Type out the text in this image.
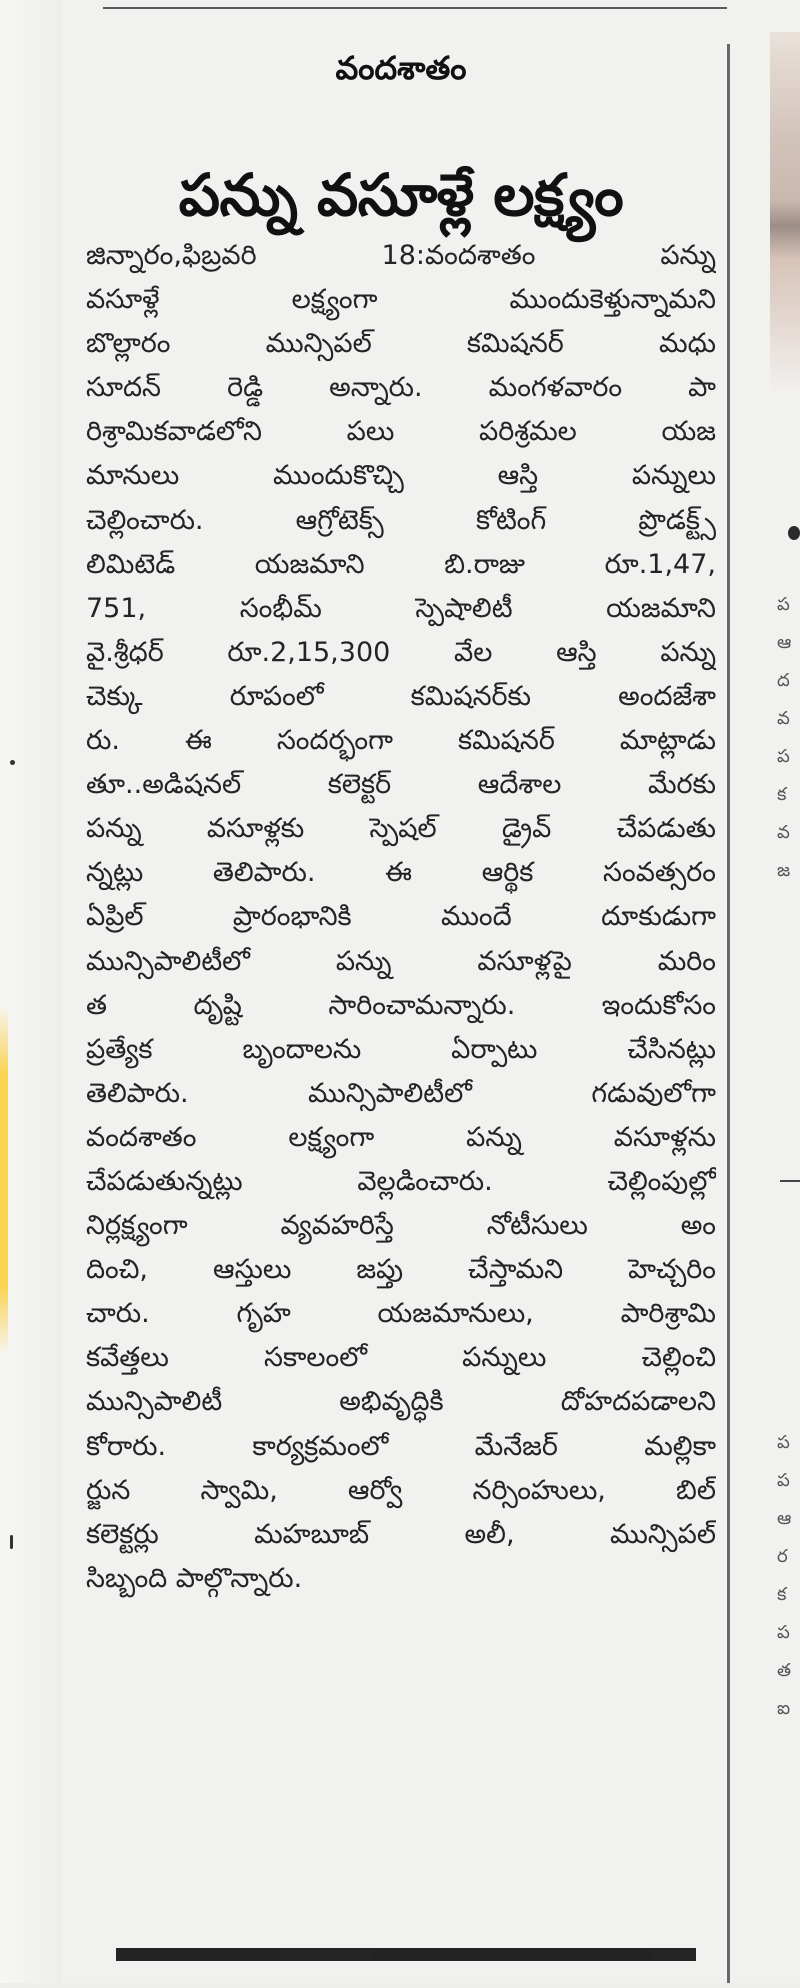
వందశాతం
పన్ను వసూళ్లే లక్ష్యం
జిన్నారం,ఫిబ్రవరి 18:వందశాతం పన్ను
వసూళ్లే లక్ష్యంగా ముందుకెళ్తున్నామని
బొల్లారం మున్సిపల్ కమిషనర్ మధు
సూదన్ రెడ్డి అన్నారు. మంగళవారం పా
రిశ్రామికవాడలోని పలు పరిశ్రమల యజ
మానులు ముందుకొచ్చి ఆస్తి పన్నులు
చెల్లించారు. ఆగ్రోటెక్స్ కోటింగ్ ప్రొడక్ట్స్
లిమిటెడ్ యజమాని బి.రాజు రూ.1,47,
751, సంభీమ్ స్పెషాలిటీ యజమాని
వై.శ్రీధర్ రూ.2,15,300 వేల ఆస్తి పన్ను
చెక్కు రూపంలో కమిషనర్‌కు అందజేశా
రు. ఈ సందర్భంగా కమిషనర్ మాట్లాడు
తూ..అడిషనల్ కలెక్టర్ ఆదేశాల మేరకు
పన్ను వసూళ్లకు స్పెషల్ డ్రైవ్ చేపడుతు
న్నట్లు తెలిపారు. ఈ ఆర్థిక సంవత్సరం
ఏప్రిల్ ప్రారంభానికి ముందే దూకుడుగా
మున్సిపాలిటీలో పన్ను వసూళ్లపై మరిం
త దృష్టి సారించామన్నారు. ఇందుకోసం
ప్రత్యేక బృందాలను ఏర్పాటు చేసినట్లు
తెలిపారు. మున్సిపాలిటీలో గడువులోగా
వందశాతం లక్ష్యంగా పన్ను వసూళ్లను
చేపడుతున్నట్లు వెల్లడించారు. చెల్లింపుల్లో
నిర్లక్ష్యంగా వ్యవహరిస్తే నోటీసులు అం
దించి, ఆస్తులు జప్తు చేస్తామని హెచ్చరిం
చారు. గృహ యజమానులు, పారిశ్రామి
కవేత్తలు సకాలంలో పన్నులు చెల్లించి
మున్సిపాలిటీ అభివృద్ధికి దోహదపడాలని
కోరారు. కార్యక్రమంలో మేనేజర్ మల్లికా
ర్జున స్వామి, ఆర్వో నర్సింహులు, బిల్
కలెక్టర్లు మహబూబ్ అలీ, మున్సిపల్
సిబ్బంది పాల్గొన్నారు.
ప
ఆ
ద
వ
ప
క
వ
జ
ప
ప
ఆ
ర
క
ప
త
ఐ
